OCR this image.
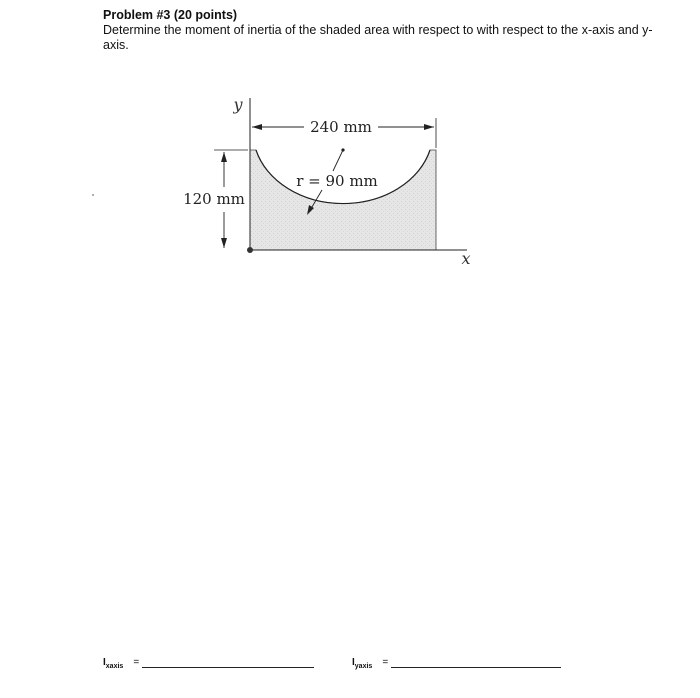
Problem #3 (20 points)
Determine the moment of inertia of the shaded area with respect to with respect to the x-axis and y-axis.
240 mm
120 mm
r = 90 mm
y
x
I xaxis =	I yaxis =
